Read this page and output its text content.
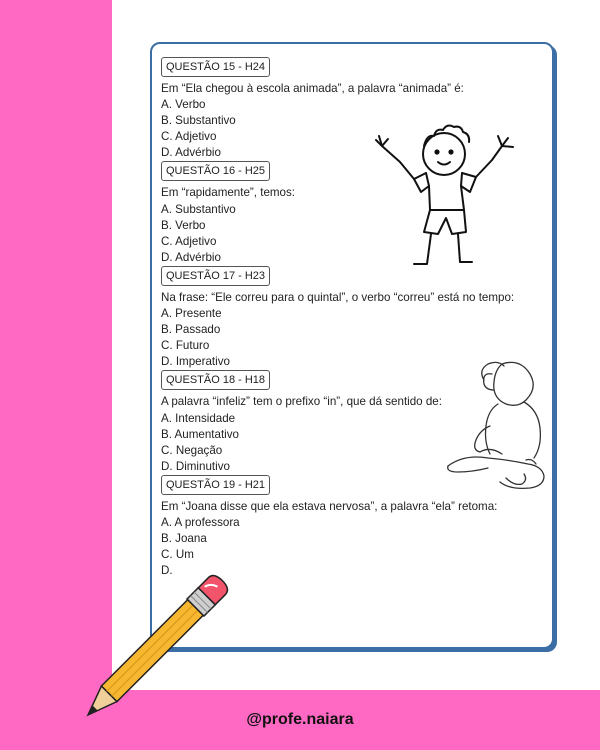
QUESTÃO 15 - H24
Em “Ela chegou à escola animada”, a palavra “animada” é:
A. Verbo
B. Substantivo
C. Adjetivo
D. Advérbio
QUESTÃO 16 - H25
Em “rapidamente”, temos:
A. Substantivo
B. Verbo
C. Adjetivo
D. Advérbio
QUESTÃO 17 - H23
Na frase: “Ele correu para o quintal”, o verbo “correu” está no tempo:
A. Presente
B. Passado
C. Futuro
D. Imperativo
QUESTÃO 18 - H18
A palavra “infeliz” tem o prefixo “in”, que dá sentido de:
A. Intensidade
B. Aumentativo
C. Negação
D. Diminutivo
QUESTÃO 19 - H21
Em “Joana disse que ela estava nervosa”, a palavra “ela” retoma:
A. A professora
B. Joana
C. Um
D.
@profe.naiara
